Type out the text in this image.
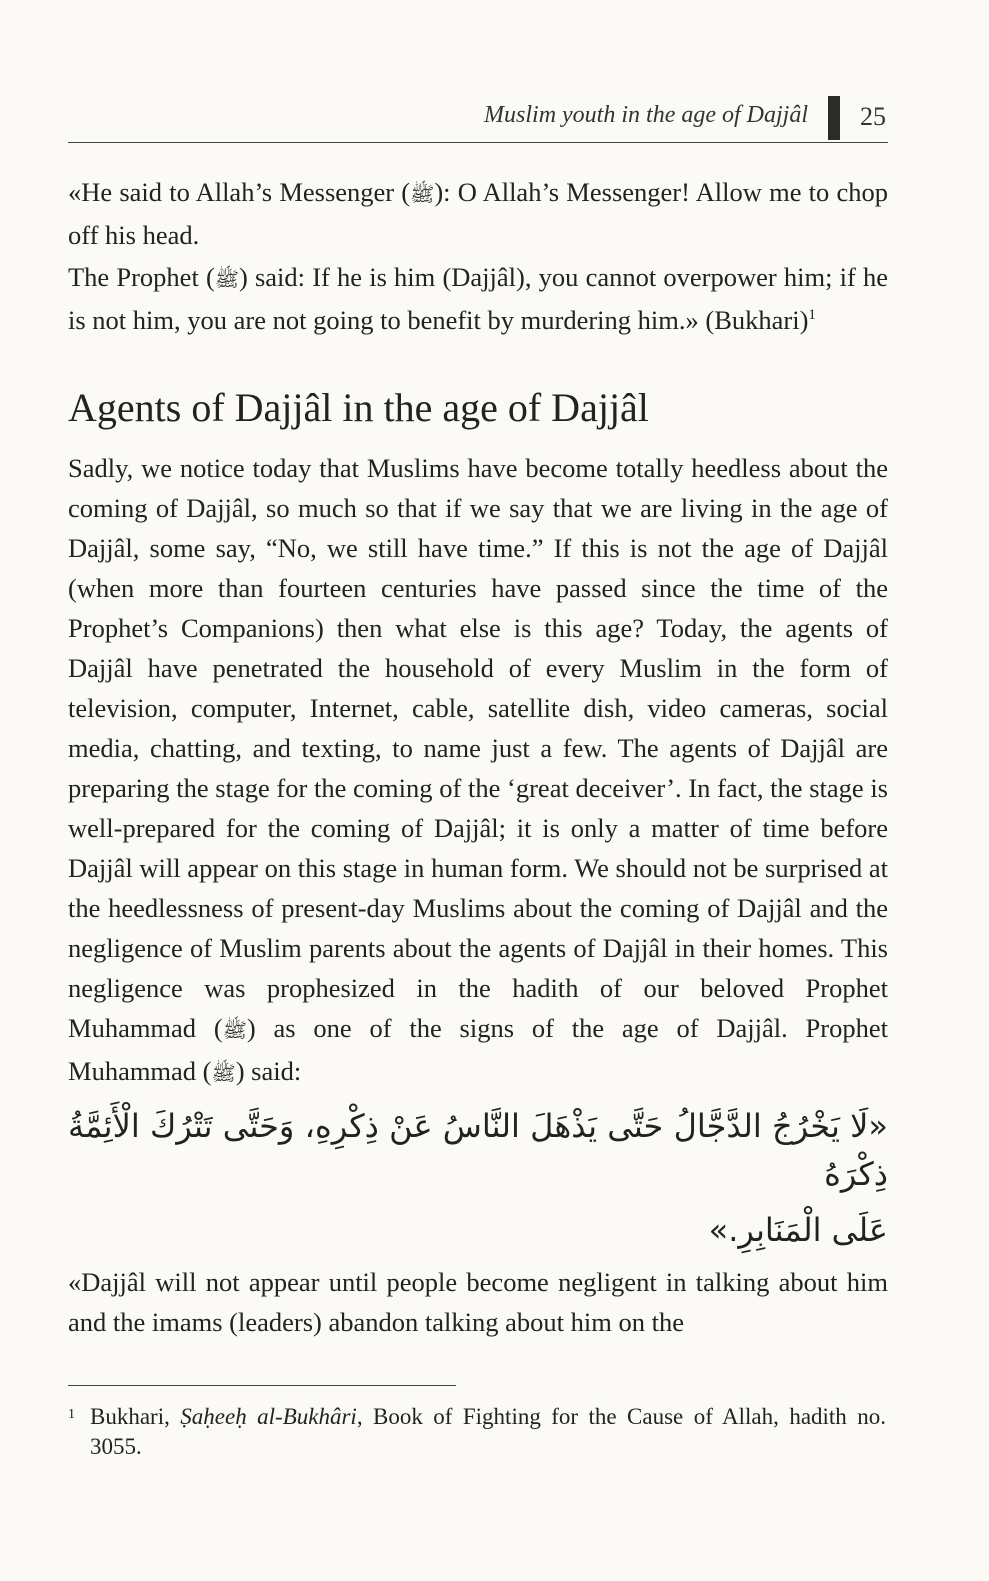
Muslim youth in the age of Dajjâl 25

«He said to Allah’s Messenger (ﷺ): O Allah’s Messenger! Allow me to chop off his head.

The Prophet (ﷺ) said: If he is him (Dajjâl), you cannot overpower him; if he is not him, you are not going to benefit by murdering him.» (Bukhari)$^1$

Agents of Dajjâl in the age of Dajjâl

Sadly, we notice today that Muslims have become totally heedless about the coming of Dajjâl, so much so that if we say that we are living in the age of Dajjâl, some say, “No, we still have time.” If this is not the age of Dajjâl (when more than fourteen centuries have passed since the time of the Prophet’s Companions) then what else is this age? Today, the agents of Dajjâl have penetrated the household of every Muslim in the form of television, computer, Internet, cable, satellite dish, video cameras, social media, chatting, and texting, to name just a few. The agents of Dajjâl are preparing the stage for the coming of the ‘great deceiver’. In fact, the stage is well-prepared for the coming of Dajjâl; it is only a matter of time before Dajjâl will appear on this stage in human form. We should not be surprised at the heedlessness of present-day Muslims about the coming of Dajjâl and the negligence of Muslim parents about the agents of Dajjâl in their homes. This negligence was prophesized in the hadith of our beloved Prophet Muhammad (ﷺ) as one of the signs of the age of Dajjâl. Prophet Muhammad (ﷺ) said:

«لَا يَخْرُجُ الدَّجَّالُ حَتَّى يَذْهَلَ النَّاسُ عَنْ ذِكْرِهِ، وَحَتَّى تَتْرُكَ الْأَئِمَّةُ ذِكْرَهُ

عَلَى الْمَنَابِرِ.»

«Dajjâl will not appear until people become negligent in talking about him and the imams (leaders) abandon talking about him on the

1 Bukhari, Ṣaḥeeḥ al-Bukhâri, Book of Fighting for the Cause of Allah, hadith no. 3055.
